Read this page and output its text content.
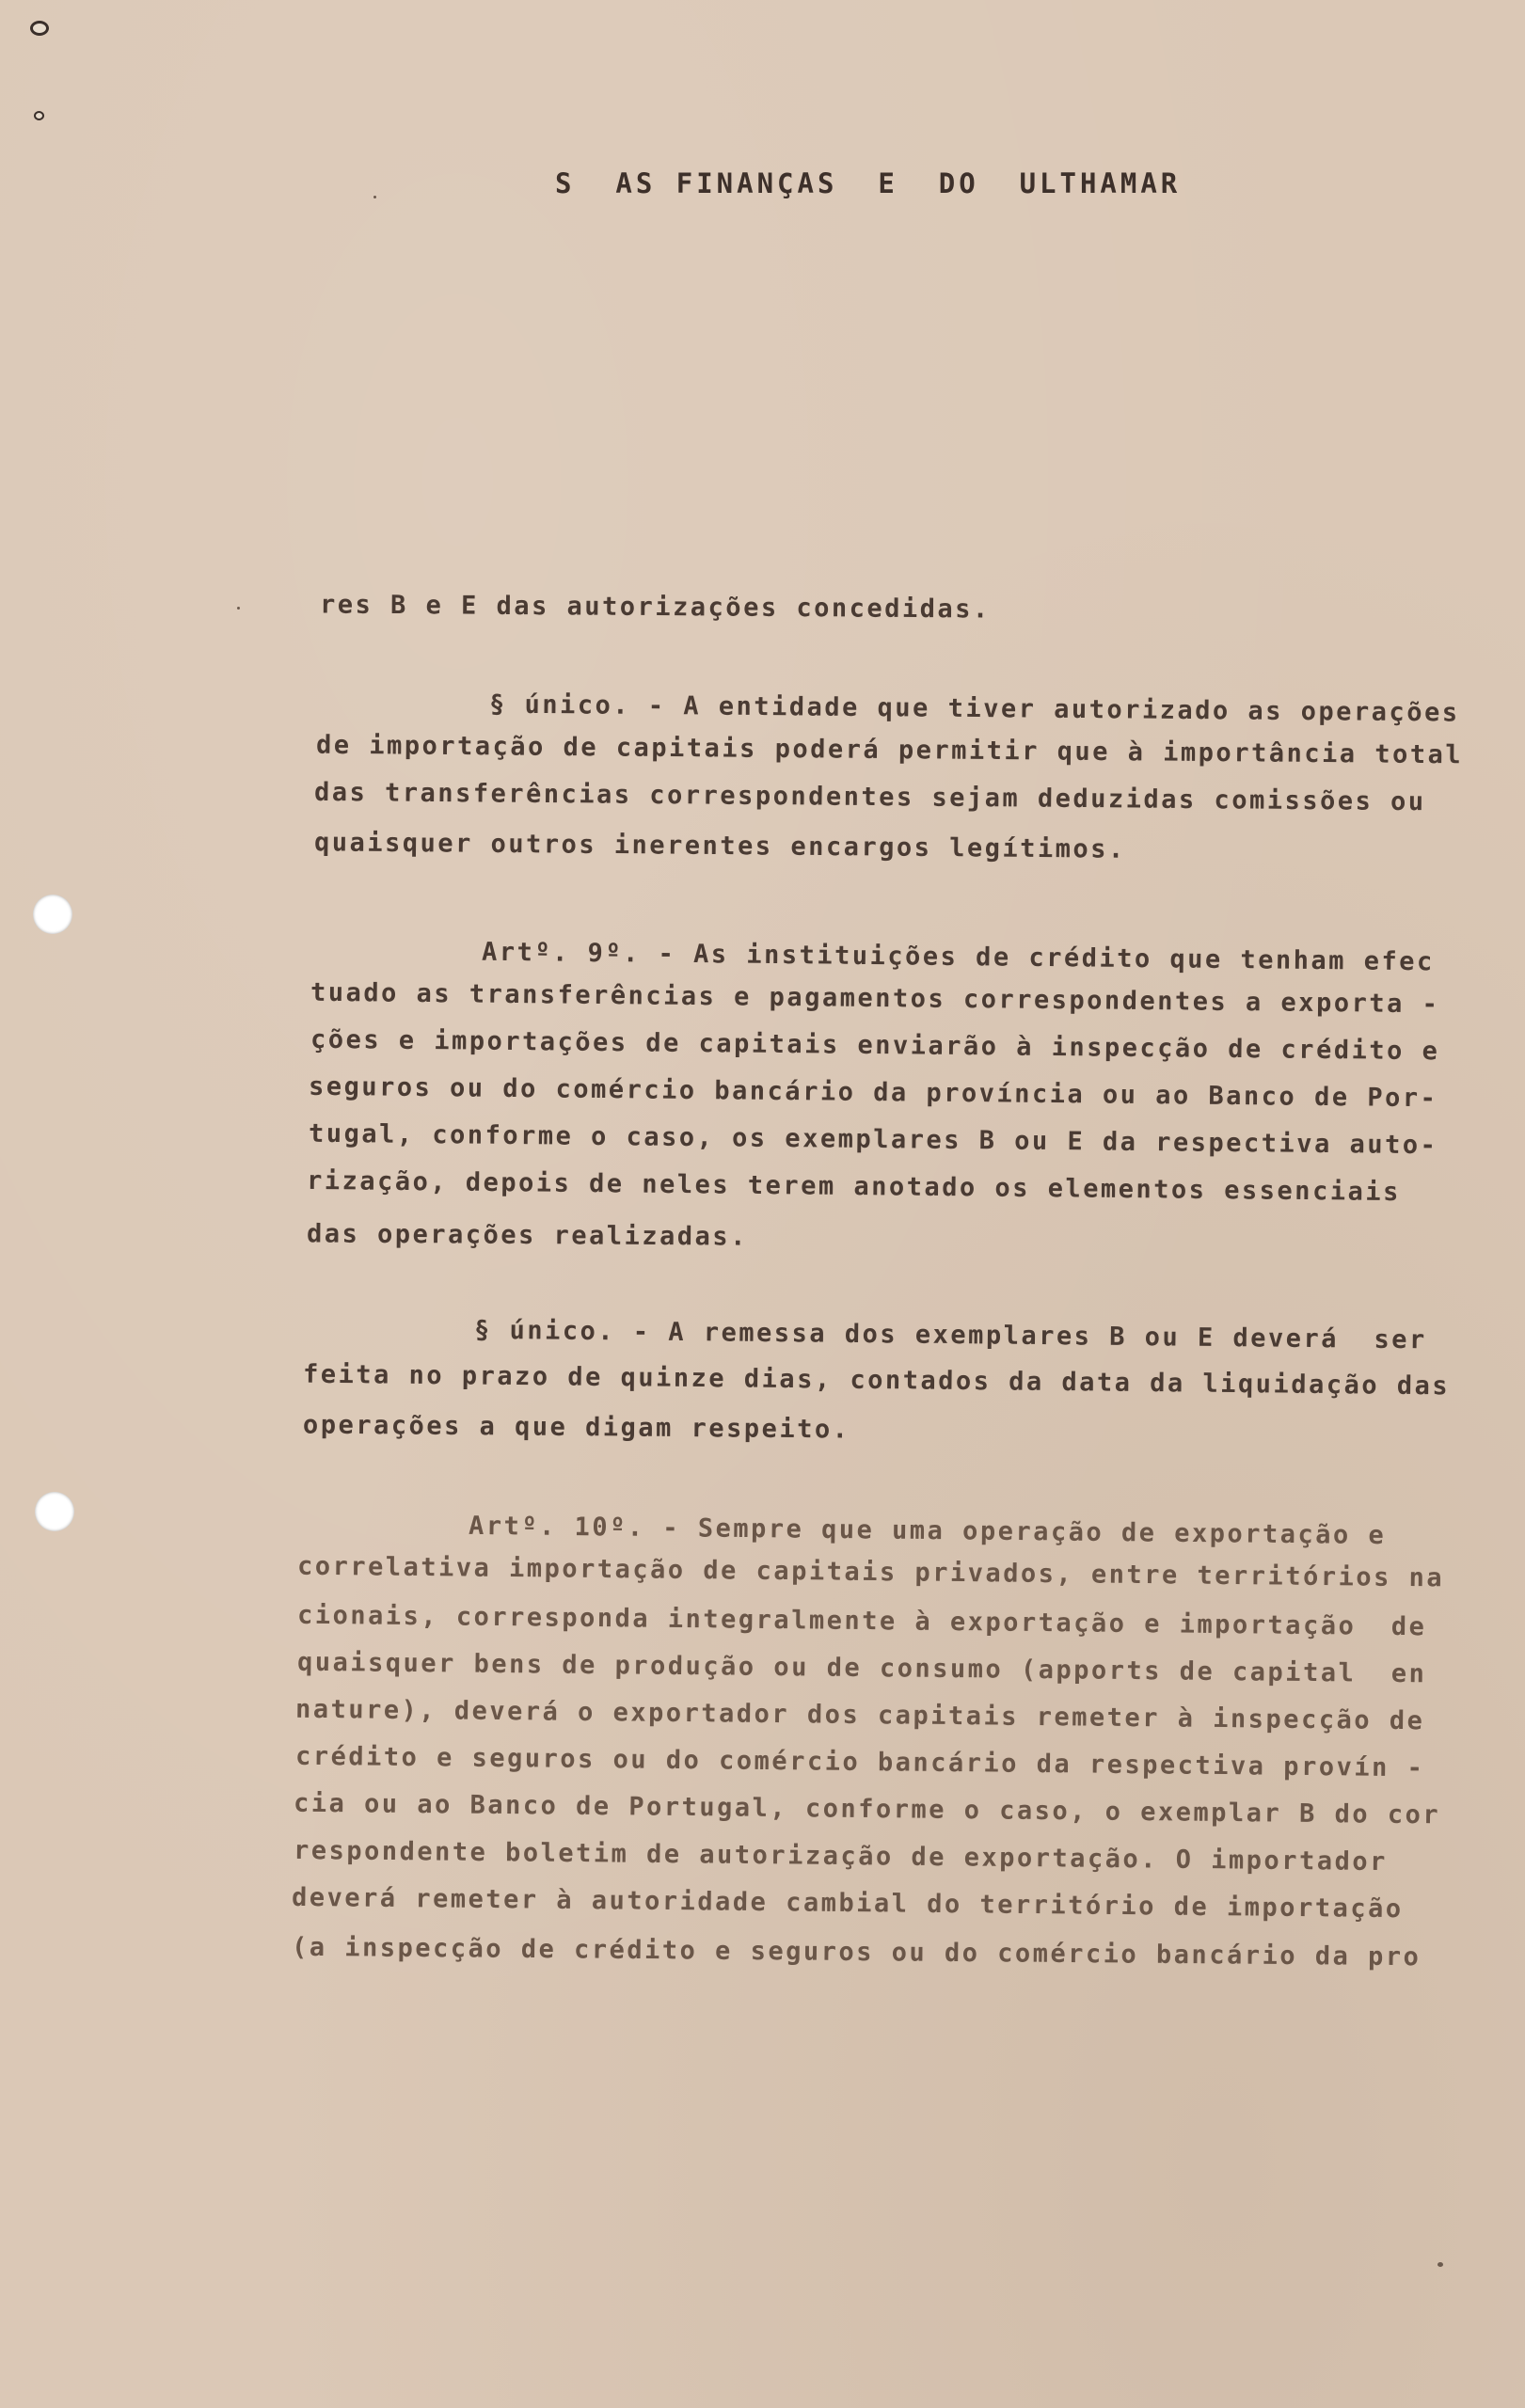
S  AS FINANÇAS  E  DO  ULTHAMAR
res B e E das autorizações concedidas.
§ único. - A entidade que tiver autorizado as operações
de importação de capitais poderá permitir que à importância total
das transferências correspondentes sejam deduzidas comissões ou
quaisquer outros inerentes encargos legítimos.
Artº. 9º. - As instituições de crédito que tenham efec
tuado as transferências e pagamentos correspondentes a exporta -
ções e importações de capitais enviarão à inspecção de crédito e
seguros ou do comércio bancário da província ou ao Banco de Por-
tugal, conforme o caso, os exemplares B ou E da respectiva auto-
rização, depois de neles terem anotado os elementos essenciais
das operações realizadas.
§ único. - A remessa dos exemplares B ou E deverá  ser
feita no prazo de quinze dias, contados da data da liquidação das
operações a que digam respeito.
Artº. 10º. - Sempre que uma operação de exportação e
correlativa importação de capitais privados, entre territórios na
cionais, corresponda integralmente à exportação e importação  de
quaisquer bens de produção ou de consumo (apports de capital  en
nature), deverá o exportador dos capitais remeter à inspecção de
crédito e seguros ou do comércio bancário da respectiva provín -
cia ou ao Banco de Portugal, conforme o caso, o exemplar B do cor
respondente boletim de autorização de exportação. O importador
deverá remeter à autoridade cambial do território de importação
(a inspecção de crédito e seguros ou do comércio bancário da pro
